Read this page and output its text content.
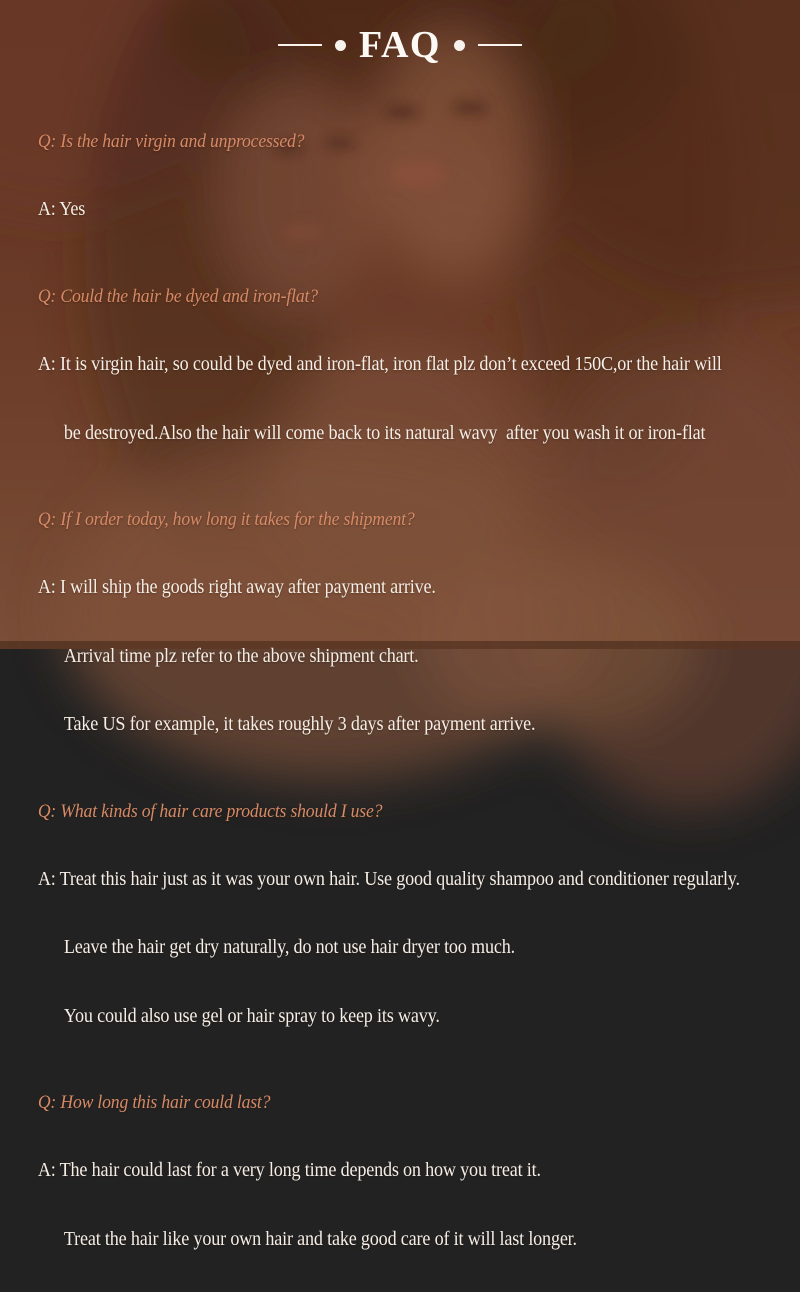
FAQ

Q: Is the hair virgin and unprocessed?

A: Yes

Q: Could the hair be dyed and iron-flat?

A: It is virgin hair, so could be dyed and iron-flat, iron flat plz don’t exceed 150C,or the hair will

be destroyed.Also the hair will come back to its natural wavy  after you wash it or iron-flat

Q: If I order today, how long it takes for the shipment?

A: I will ship the goods right away after payment arrive.

Arrival time plz refer to the above shipment chart.

Take US for example, it takes roughly 3 days after payment arrive.

Q: What kinds of hair care products should I use?

A: Treat this hair just as it was your own hair. Use good quality shampoo and conditioner regularly.

Leave the hair get dry naturally, do not use hair dryer too much.

You could also use gel or hair spray to keep its wavy.

Q: How long this hair could last?

A: The hair could last for a very long time depends on how you treat it.

Treat the hair like your own hair and take good care of it will last longer.
